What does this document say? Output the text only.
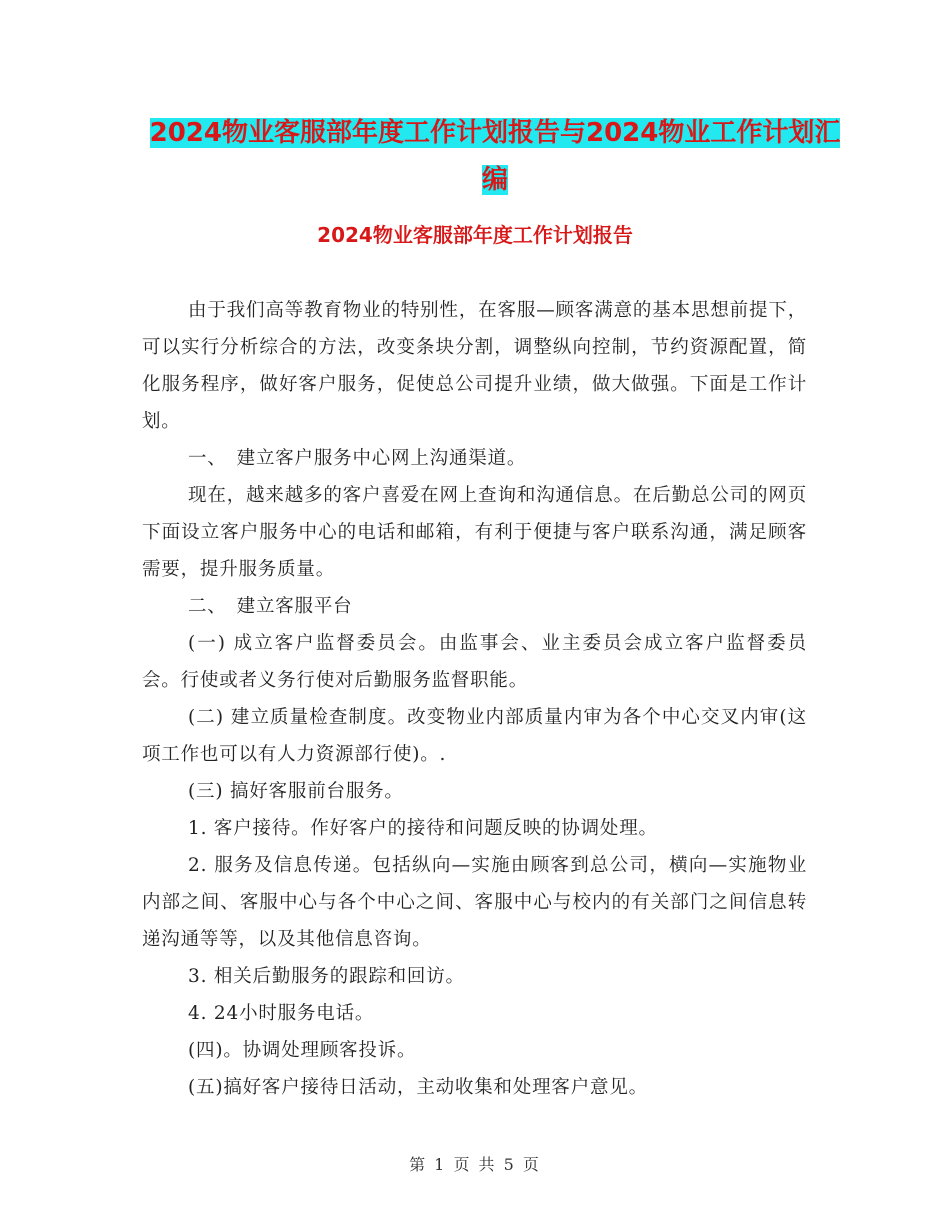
2024物业客服部年度工作计划报告与2024物业工作计划汇编
2024物业客服部年度工作计划报告

由于我们高等教育物业的特别性，在客服—顾客满意的基本思想前提下，可以实行分析综合的方法，改变条块分割，调整纵向控制，节约资源配置，简化服务程序，做好客户服务，促使总公司提升业绩，做大做强。下面是工作计划。

一、　建立客户服务中心网上沟通渠道。

现在，越来越多的客户喜爱在网上查询和沟通信息。在后勤总公司的网页下面设立客户服务中心的电话和邮箱，有利于便捷与客户联系沟通，满足顾客需要，提升服务质量。

二、　建立客服平台

(一) 成立客户监督委员会。由监事会、业主委员会成立客户监督委员会。行使或者义务行使对后勤服务监督职能。

(二) 建立质量检查制度。改变物业内部质量内审为各个中心交叉内审(这项工作也可以有人力资源部行使)。.

(三) 搞好客服前台服务。

1. 客户接待。作好客户的接待和问题反映的协调处理。

2. 服务及信息传递。包括纵向—实施由顾客到总公司，横向—实施物业内部之间、客服中心与各个中心之间、客服中心与校内的有关部门之间信息转递沟通等等，以及其他信息咨询。

3. 相关后勤服务的跟踪和回访。

4. 24小时服务电话。

(四)。协调处理顾客投诉。

(五)搞好客户接待日活动，主动收集和处理客户意见。

第 1 页 共 5 页
